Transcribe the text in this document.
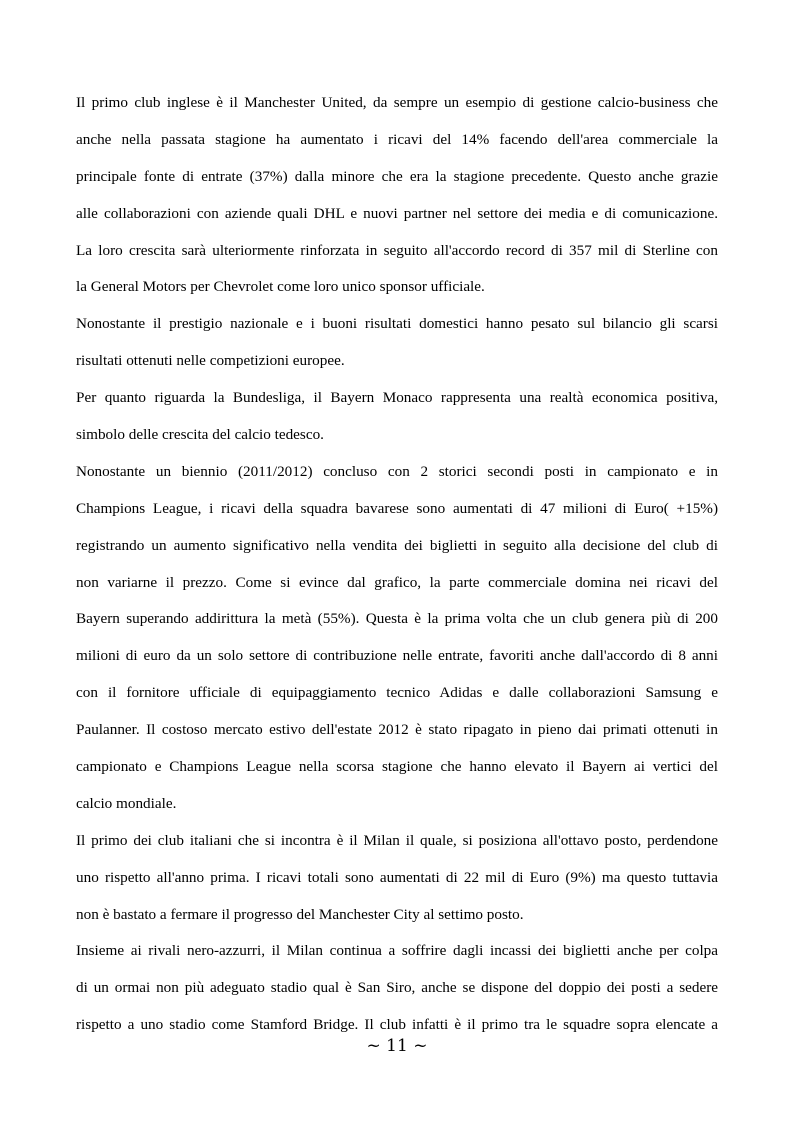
Il primo club inglese è il Manchester United, da sempre un esempio di gestione calcio-business che
anche nella passata stagione ha aumentato i ricavi del 14% facendo dell'area commerciale la
principale fonte di entrate (37%) dalla minore che era la stagione precedente. Questo anche grazie
alle collaborazioni con aziende quali DHL e nuovi partner nel settore dei media e di comunicazione.
La loro crescita sarà ulteriormente rinforzata in seguito all'accordo record di 357 mil di Sterline con
la General Motors per Chevrolet come loro unico sponsor ufficiale.
Nonostante il prestigio nazionale e i buoni risultati domestici hanno pesato sul bilancio gli scarsi
risultati ottenuti nelle competizioni europee.
Per quanto riguarda la Bundesliga, il Bayern Monaco rappresenta una realtà economica positiva,
simbolo delle crescita del calcio tedesco.
Nonostante un biennio (2011/2012) concluso con 2 storici secondi posti in campionato e in
Champions League, i ricavi della squadra bavarese sono aumentati di 47 milioni di Euro( +15%)
registrando un aumento significativo nella vendita dei biglietti in seguito alla decisione del club di
non variarne il prezzo. Come si evince dal grafico, la parte commerciale domina nei ricavi del
Bayern superando addirittura la metà (55%). Questa è la prima volta che un club genera più di 200
milioni di euro da un solo settore di contribuzione nelle entrate, favoriti anche dall'accordo di 8 anni
con il fornitore ufficiale di equipaggiamento tecnico Adidas e dalle collaborazioni Samsung e
Paulanner. Il costoso mercato estivo dell'estate 2012 è stato ripagato in pieno dai primati ottenuti in
campionato e Champions League nella scorsa stagione che hanno elevato il Bayern ai vertici del
calcio mondiale.
Il primo dei club italiani che si incontra è il Milan il quale, si posiziona all'ottavo posto, perdendone
uno rispetto all'anno prima. I ricavi totali sono aumentati di 22 mil di Euro (9%) ma questo tuttavia
non è bastato a fermare il progresso del Manchester City al settimo posto.
Insieme ai rivali nero-azzurri, il Milan continua a soffrire dagli incassi dei biglietti anche per colpa
di un ormai non più adeguato stadio qual è San Siro, anche se dispone del doppio dei posti a sedere
rispetto a uno stadio come Stamford Bridge. Il club infatti è il primo tra le squadre sopra elencate a
~ 11 ~
